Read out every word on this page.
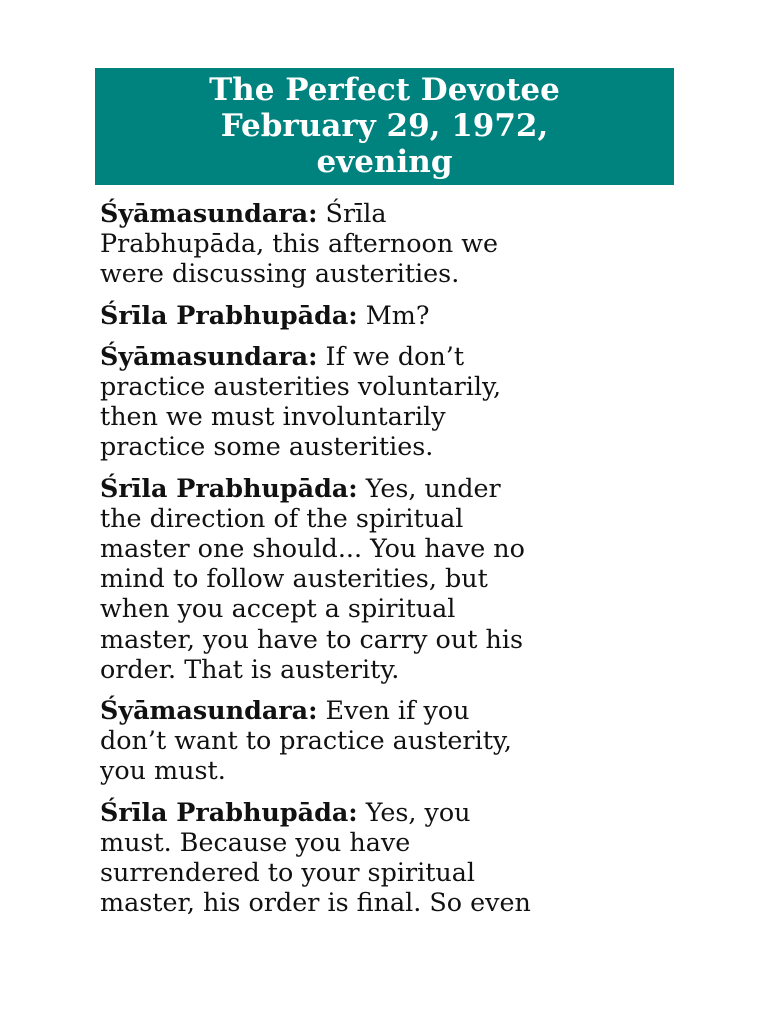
The Perfect Devotee
February 29, 1972,
evening

Śyāmasundara: Śrīla
Prabhupāda, this afternoon we
were discussing austerities.

Śrīla Prabhupāda: Mm?

Śyāmasundara: If we don’t
practice austerities voluntarily,
then we must involuntarily
practice some austerities.

Śrīla Prabhupāda: Yes, under
the direction of the spiritual
master one should... You have no
mind to follow austerities, but
when you accept a spiritual
master, you have to carry out his
order. That is austerity.

Śyāmasundara: Even if you
don’t want to practice austerity,
you must.

Śrīla Prabhupāda: Yes, you
must. Because you have
surrendered to your spiritual
master, his order is final. So even
